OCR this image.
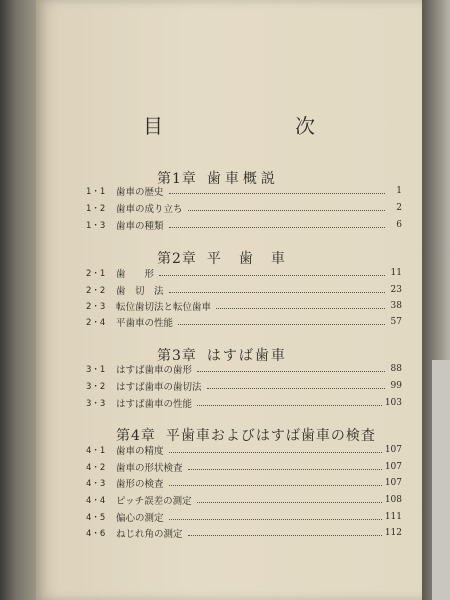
目　次
第1章 歯車概説
1・1	歯車の歴史	1
1・2	歯車の成り立ち	2
1・3	歯車の種類	6
第2章 平　歯　車
2・1	歯　　形	11
2・2	歯　切　法	23
2・3	転位歯切法と転位歯車	38
2・4	平歯車の性能	57
第3章 はすば歯車
3・1	はすば歯車の歯形	88
3・2	はすば歯車の歯切法	99
3・3	はすば歯車の性能	103
第4章 平歯車およびはすば歯車の検査
4・1	歯車の精度	107
4・2	歯車の形状検査	107
4・3	歯形の検査	107
4・4	ピッチ誤差の測定	108
4・5	偏心の測定	111
4・6	ねじれ角の測定	112
